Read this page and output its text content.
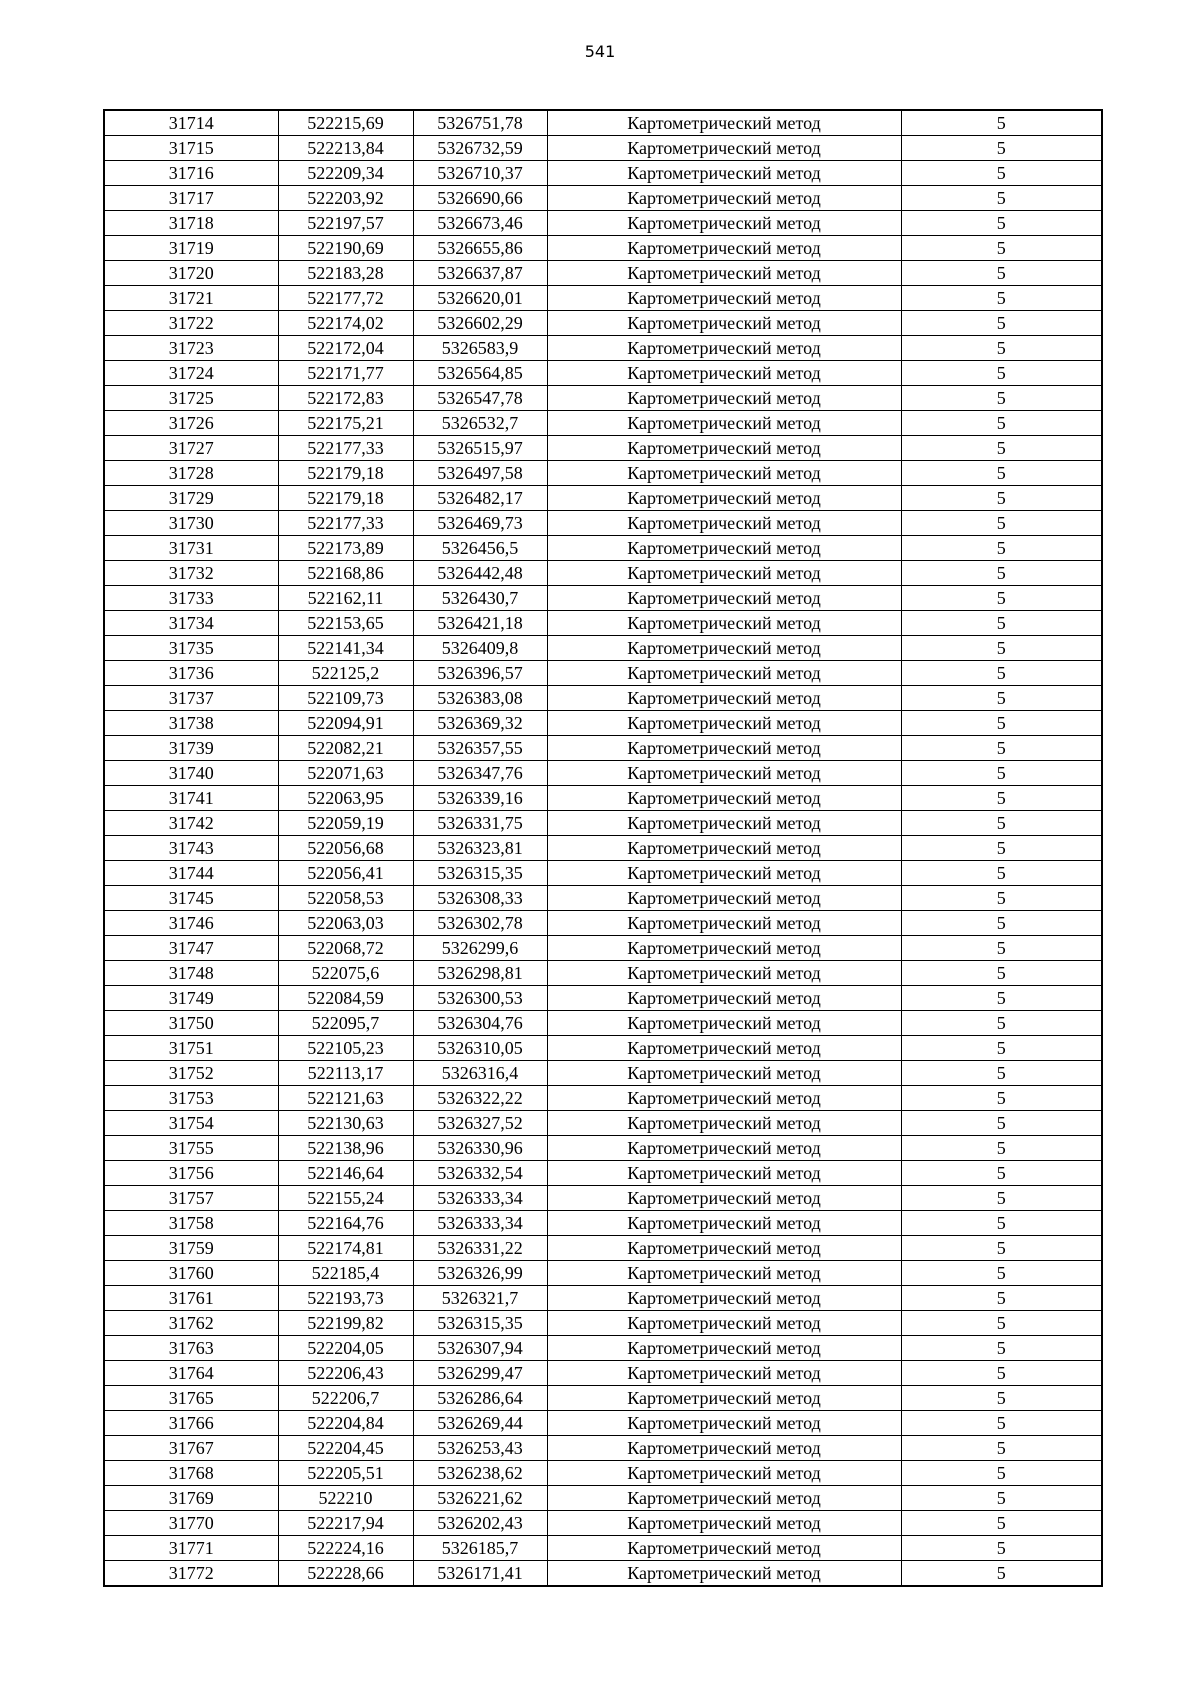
541
31714	522215,69	5326751,78	Картометрический метод	5
31715	522213,84	5326732,59	Картометрический метод	5
31716	522209,34	5326710,37	Картометрический метод	5
31717	522203,92	5326690,66	Картометрический метод	5
31718	522197,57	5326673,46	Картометрический метод	5
31719	522190,69	5326655,86	Картометрический метод	5
31720	522183,28	5326637,87	Картометрический метод	5
31721	522177,72	5326620,01	Картометрический метод	5
31722	522174,02	5326602,29	Картометрический метод	5
31723	522172,04	5326583,9	Картометрический метод	5
31724	522171,77	5326564,85	Картометрический метод	5
31725	522172,83	5326547,78	Картометрический метод	5
31726	522175,21	5326532,7	Картометрический метод	5
31727	522177,33	5326515,97	Картометрический метод	5
31728	522179,18	5326497,58	Картометрический метод	5
31729	522179,18	5326482,17	Картометрический метод	5
31730	522177,33	5326469,73	Картометрический метод	5
31731	522173,89	5326456,5	Картометрический метод	5
31732	522168,86	5326442,48	Картометрический метод	5
31733	522162,11	5326430,7	Картометрический метод	5
31734	522153,65	5326421,18	Картометрический метод	5
31735	522141,34	5326409,8	Картометрический метод	5
31736	522125,2	5326396,57	Картометрический метод	5
31737	522109,73	5326383,08	Картометрический метод	5
31738	522094,91	5326369,32	Картометрический метод	5
31739	522082,21	5326357,55	Картометрический метод	5
31740	522071,63	5326347,76	Картометрический метод	5
31741	522063,95	5326339,16	Картометрический метод	5
31742	522059,19	5326331,75	Картометрический метод	5
31743	522056,68	5326323,81	Картометрический метод	5
31744	522056,41	5326315,35	Картометрический метод	5
31745	522058,53	5326308,33	Картометрический метод	5
31746	522063,03	5326302,78	Картометрический метод	5
31747	522068,72	5326299,6	Картометрический метод	5
31748	522075,6	5326298,81	Картометрический метод	5
31749	522084,59	5326300,53	Картометрический метод	5
31750	522095,7	5326304,76	Картометрический метод	5
31751	522105,23	5326310,05	Картометрический метод	5
31752	522113,17	5326316,4	Картометрический метод	5
31753	522121,63	5326322,22	Картометрический метод	5
31754	522130,63	5326327,52	Картометрический метод	5
31755	522138,96	5326330,96	Картометрический метод	5
31756	522146,64	5326332,54	Картометрический метод	5
31757	522155,24	5326333,34	Картометрический метод	5
31758	522164,76	5326333,34	Картометрический метод	5
31759	522174,81	5326331,22	Картометрический метод	5
31760	522185,4	5326326,99	Картометрический метод	5
31761	522193,73	5326321,7	Картометрический метод	5
31762	522199,82	5326315,35	Картометрический метод	5
31763	522204,05	5326307,94	Картометрический метод	5
31764	522206,43	5326299,47	Картометрический метод	5
31765	522206,7	5326286,64	Картометрический метод	5
31766	522204,84	5326269,44	Картометрический метод	5
31767	522204,45	5326253,43	Картометрический метод	5
31768	522205,51	5326238,62	Картометрический метод	5
31769	522210	5326221,62	Картометрический метод	5
31770	522217,94	5326202,43	Картометрический метод	5
31771	522224,16	5326185,7	Картометрический метод	5
31772	522228,66	5326171,41	Картометрический метод	5
